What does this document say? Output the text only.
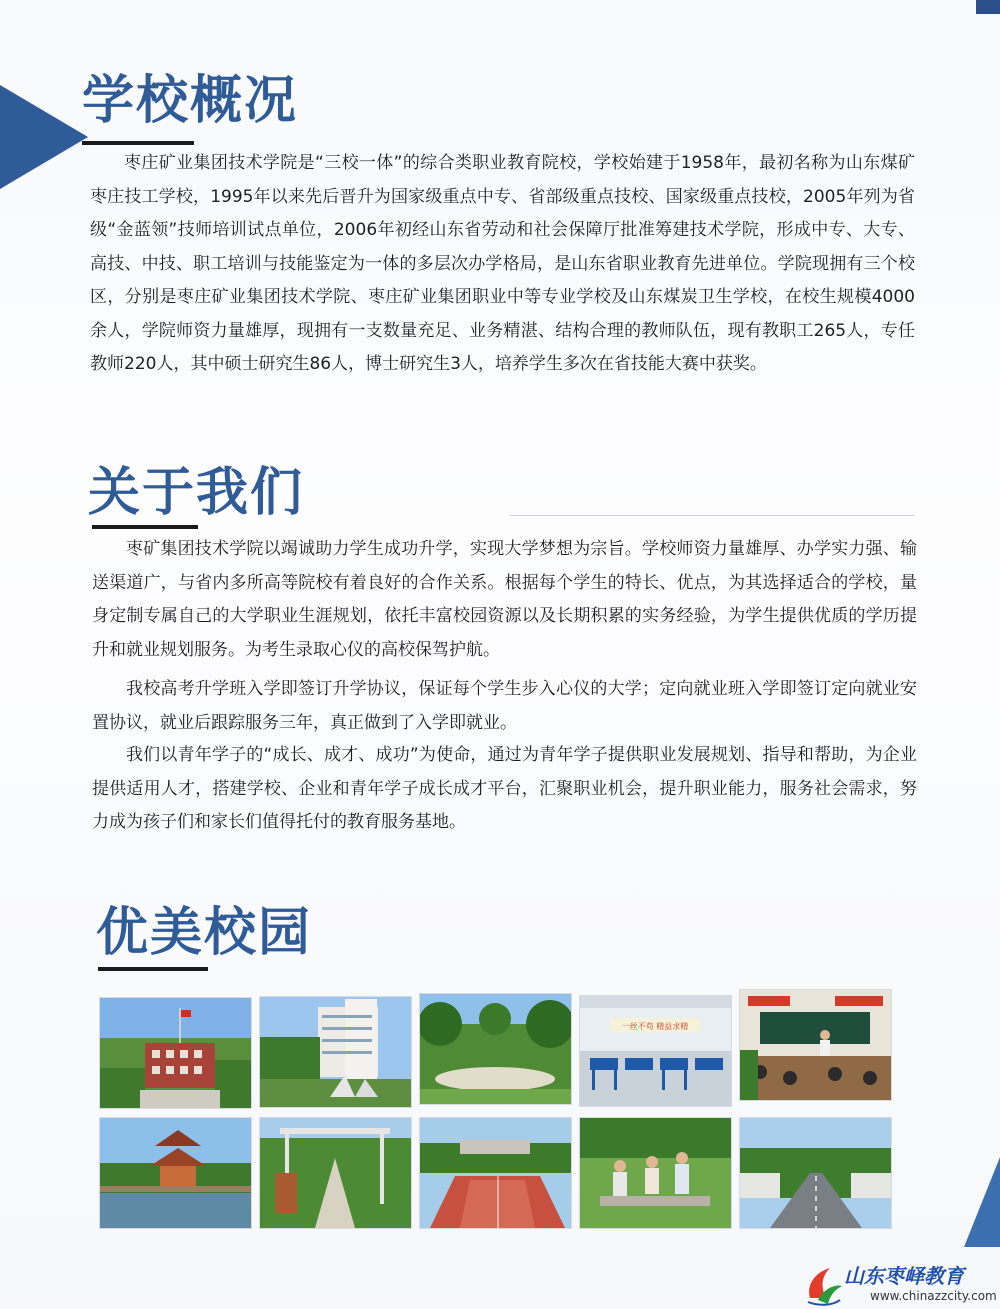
学校概况

枣庄矿业集团技术学院是“三校一体”的综合类职业教育院校，学校始建于1958年，最初名称为山东煤矿枣庄技工学校，1995年以来先后晋升为国家级重点中专、省部级重点技校、国家级重点技校，2005年列为省级“金蓝领”技师培训试点单位，2006年初经山东省劳动和社会保障厅批准筹建技术学院，形成中专、大专、高技、中技、职工培训与技能鉴定为一体的多层次办学格局，是山东省职业教育先进单位。学院现拥有三个校区，分别是枣庄矿业集团技术学院、枣庄矿业集团职业中等专业学校及山东煤炭卫生学校，在校生规模4000余人，学院师资力量雄厚，现拥有一支数量充足、业务精湛、结构合理的教师队伍，现有教职工265人，专任教师220人，其中硕士研究生86人，博士研究生3人，培养学生多次在省技能大赛中获奖。

关于我们

枣矿集团技术学院以竭诚助力学生成功升学，实现大学梦想为宗旨。学校师资力量雄厚、办学实力强、输送渠道广，与省内多所高等院校有着良好的合作关系。根据每个学生的特长、优点，为其选择适合的学校，量身定制专属自己的大学职业生涯规划，依托丰富校园资源以及长期积累的实务经验，为学生提供优质的学历提升和就业规划服务。为考生录取心仪的高校保驾护航。

我校高考升学班入学即签订升学协议，保证每个学生步入心仪的大学；定向就业班入学即签订定向就业安置协议，就业后跟踪服务三年，真正做到了入学即就业。

我们以青年学子的“成长、成才、成功”为使命，通过为青年学子提供职业发展规划、指导和帮助，为企业提供适用人才，搭建学校、企业和青年学子成长成才平台，汇聚职业机会，提升职业能力，服务社会需求，努力成为孩子们和家长们值得托付的教育服务基地。

优美校园
一丝不苟 精益求精
山东枣峄教育
www.chinazzcity.com
